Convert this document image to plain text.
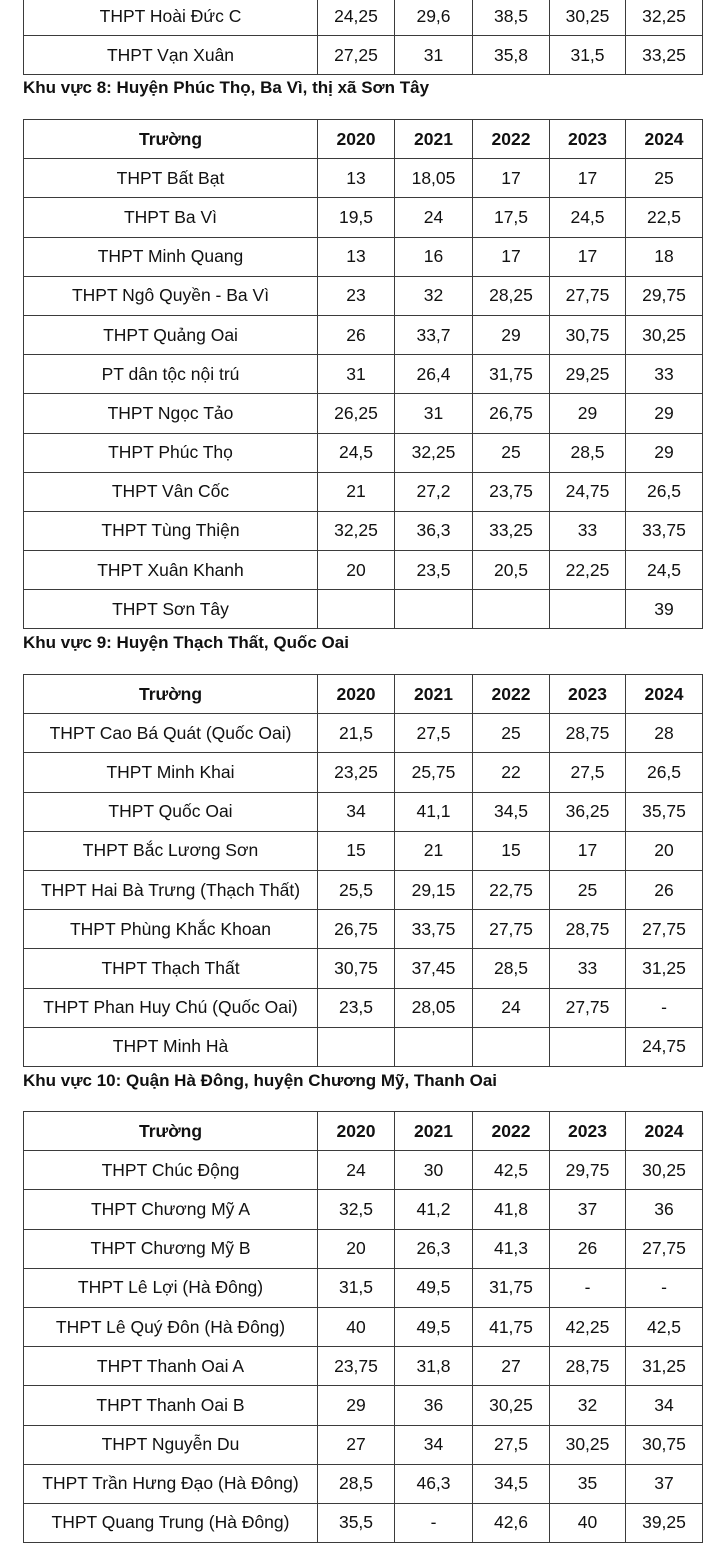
THPT Hoài Đức C	24,25	29,6	38,5	30,25	32,25
THPT Vạn Xuân	27,25	31	35,8	31,5	33,25
Khu vực 8: Huyện Phúc Thọ, Ba Vì, thị xã Sơn Tây
Trường	2020	2021	2022	2023	2024
THPT Bất Bạt	13	18,05	17	17	25
THPT Ba Vì	19,5	24	17,5	24,5	22,5
THPT Minh Quang	13	16	17	17	18
THPT Ngô Quyền - Ba Vì	23	32	28,25	27,75	29,75
THPT Quảng Oai	26	33,7	29	30,75	30,25
PT dân tộc nội trú	31	26,4	31,75	29,25	33
THPT Ngọc Tảo	26,25	31	26,75	29	29
THPT Phúc Thọ	24,5	32,25	25	28,5	29
THPT Vân Cốc	21	27,2	23,75	24,75	26,5
THPT Tùng Thiện	32,25	36,3	33,25	33	33,75
THPT Xuân Khanh	20	23,5	20,5	22,25	24,5
THPT Sơn Tây					39
Khu vực 9: Huyện Thạch Thất, Quốc Oai
Trường	2020	2021	2022	2023	2024
THPT Cao Bá Quát (Quốc Oai)	21,5	27,5	25	28,75	28
THPT Minh Khai	23,25	25,75	22	27,5	26,5
THPT Quốc Oai	34	41,1	34,5	36,25	35,75
THPT Bắc Lương Sơn	15	21	15	17	20
THPT Hai Bà Trưng (Thạch Thất)	25,5	29,15	22,75	25	26
THPT Phùng Khắc Khoan	26,75	33,75	27,75	28,75	27,75
THPT Thạch Thất	30,75	37,45	28,5	33	31,25
THPT Phan Huy Chú (Quốc Oai)	23,5	28,05	24	27,75	-
THPT Minh Hà					24,75
Khu vực 10: Quận Hà Đông, huyện Chương Mỹ, Thanh Oai
Trường	2020	2021	2022	2023	2024
THPT Chúc Động	24	30	42,5	29,75	30,25
THPT Chương Mỹ A	32,5	41,2	41,8	37	36
THPT Chương Mỹ B	20	26,3	41,3	26	27,75
THPT Lê Lợi (Hà Đông)	31,5	49,5	31,75	-	-
THPT Lê Quý Đôn (Hà Đông)	40	49,5	41,75	42,25	42,5
THPT Thanh Oai A	23,75	31,8	27	28,75	31,25
THPT Thanh Oai B	29	36	30,25	32	34
THPT Nguyễn Du	27	34	27,5	30,25	30,75
THPT Trần Hưng Đạo (Hà Đông)	28,5	46,3	34,5	35	37
THPT Quang Trung (Hà Đông)	35,5	-	42,6	40	39,25
